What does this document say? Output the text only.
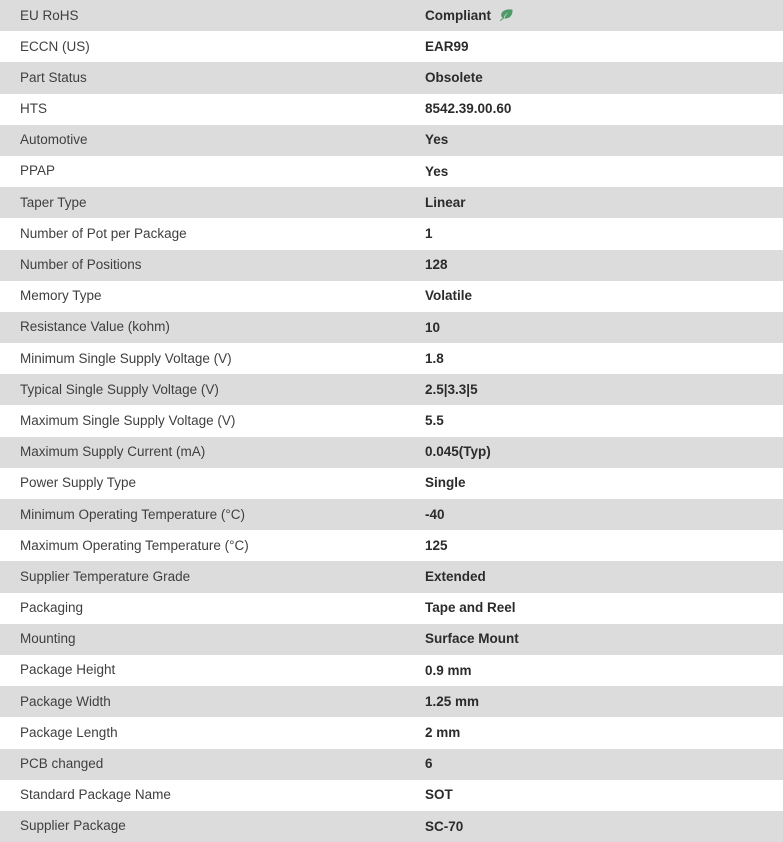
EU RoHS	Compliant

ECCN (US)	EAR99
Part Status	Obsolete
HTS	8542.39.00.60
Automotive	Yes
PPAP	Yes
Taper Type	Linear
Number of Pot per Package	1
Number of Positions	128
Memory Type	Volatile
Resistance Value (kohm)	10
Minimum Single Supply Voltage (V)	1.8
Typical Single Supply Voltage (V)	2.5|3.3|5
Maximum Single Supply Voltage (V)	5.5
Maximum Supply Current (mA)	0.045(Typ)
Power Supply Type	Single
Minimum Operating Temperature (°C)	-40
Maximum Operating Temperature (°C)	125
Supplier Temperature Grade	Extended
Packaging	Tape and Reel
Mounting	Surface Mount
Package Height	0.9 mm
Package Width	1.25 mm
Package Length	2 mm
PCB changed	6
Standard Package Name	SOT
Supplier Package	SC-70
